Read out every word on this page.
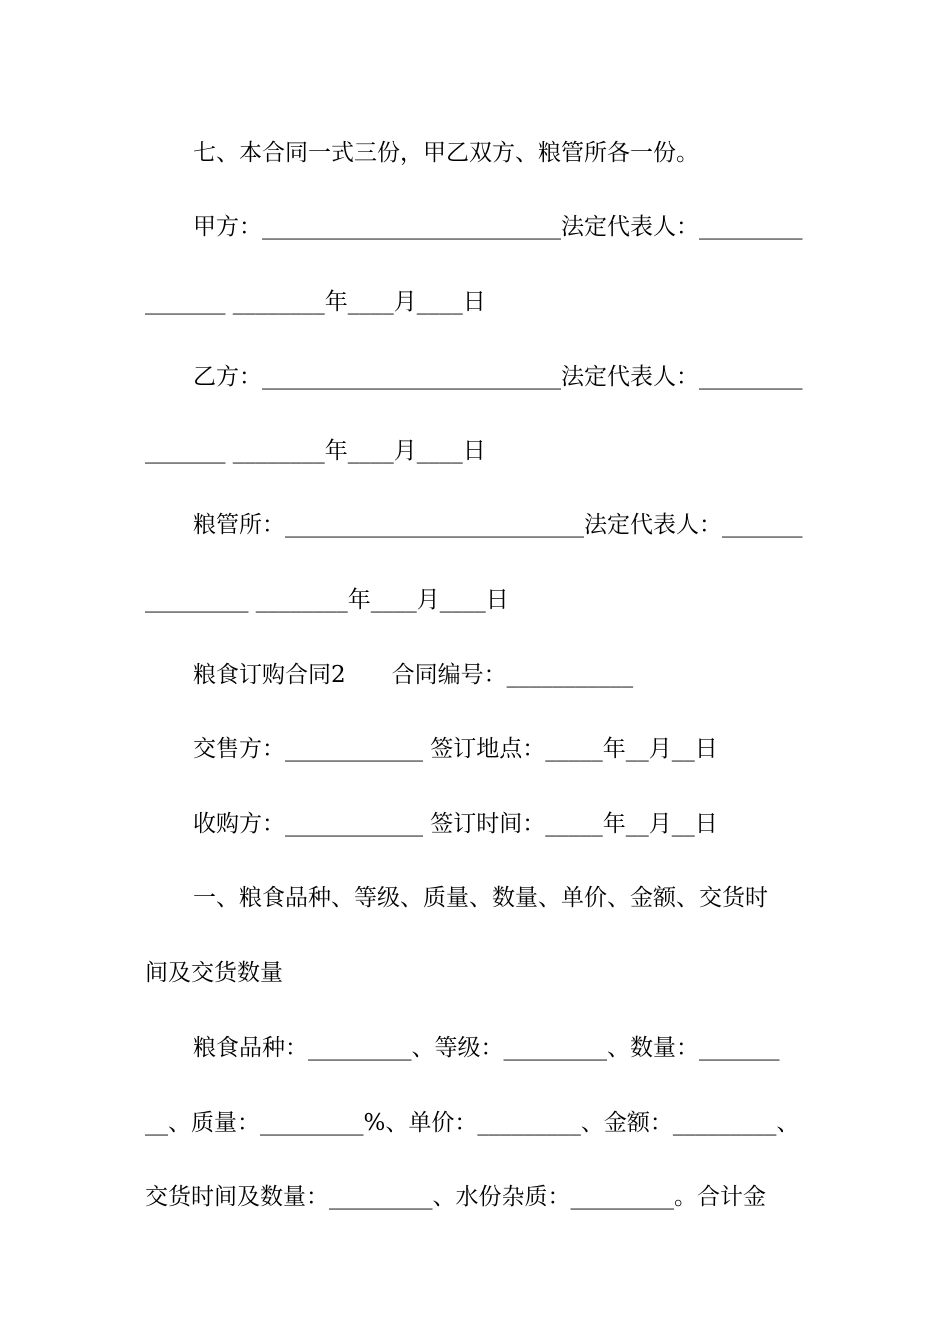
七、本合同一式三份，甲乙双方、粮管所各一份。
甲方：__________________________法定代表人：_________
_______ ________年____月____日
乙方：__________________________法定代表人：_________
_______ ________年____月____日
粮管所：__________________________法定代表人：_______
_________ ________年____月____日
粮食订购合同2　　合同编号：___________
交售方：____________ 签订地点：_____年__月__日
收购方：____________ 签订时间：_____年__月__日
一、粮食品种、等级、质量、数量、单价、金额、交货时
间及交货数量
粮食品种：_________、等级：_________、数量：_______
__、质量：_________%、单价：_________、金额：_________、
交货时间及数量：_________、水份杂质：_________。合计金
